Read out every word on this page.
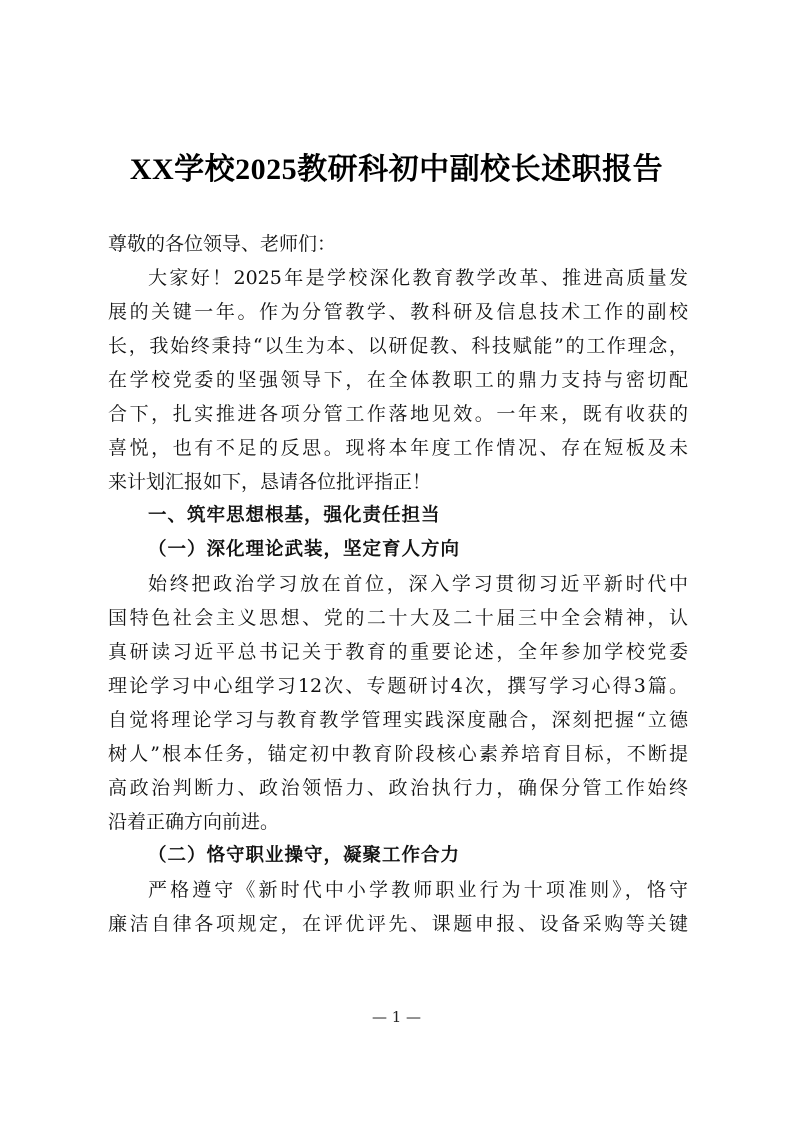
XX学校2025教研科初中副校长述职报告
尊敬的各位领导、老师们：
大家好！2025年是学校深化教育教学改革、推进高质量发
展的关键一年。作为分管教学、教科研及信息技术工作的副校
长，我始终秉持“以生为本、以研促教、科技赋能”的工作理念，
在学校党委的坚强领导下，在全体教职工的鼎力支持与密切配
合下，扎实推进各项分管工作落地见效。一年来，既有收获的
喜悦，也有不足的反思。现将本年度工作情况、存在短板及未
来计划汇报如下，恳请各位批评指正！
一、筑牢思想根基，强化责任担当
（一）深化理论武装，坚定育人方向
始终把政治学习放在首位，深入学习贯彻习近平新时代中
国特色社会主义思想、党的二十大及二十届三中全会精神，认
真研读习近平总书记关于教育的重要论述，全年参加学校党委
理论学习中心组学习12次、专题研讨4次，撰写学习心得3篇。
自觉将理论学习与教育教学管理实践深度融合，深刻把握“立德
树人”根本任务，锚定初中教育阶段核心素养培育目标，不断提
高政治判断力、政治领悟力、政治执行力，确保分管工作始终
沿着正确方向前进。
（二）恪守职业操守，凝聚工作合力
严格遵守《新时代中小学教师职业行为十项准则》，恪守
廉洁自律各项规定，在评优评先、课题申报、设备采购等关键
— 1 —
